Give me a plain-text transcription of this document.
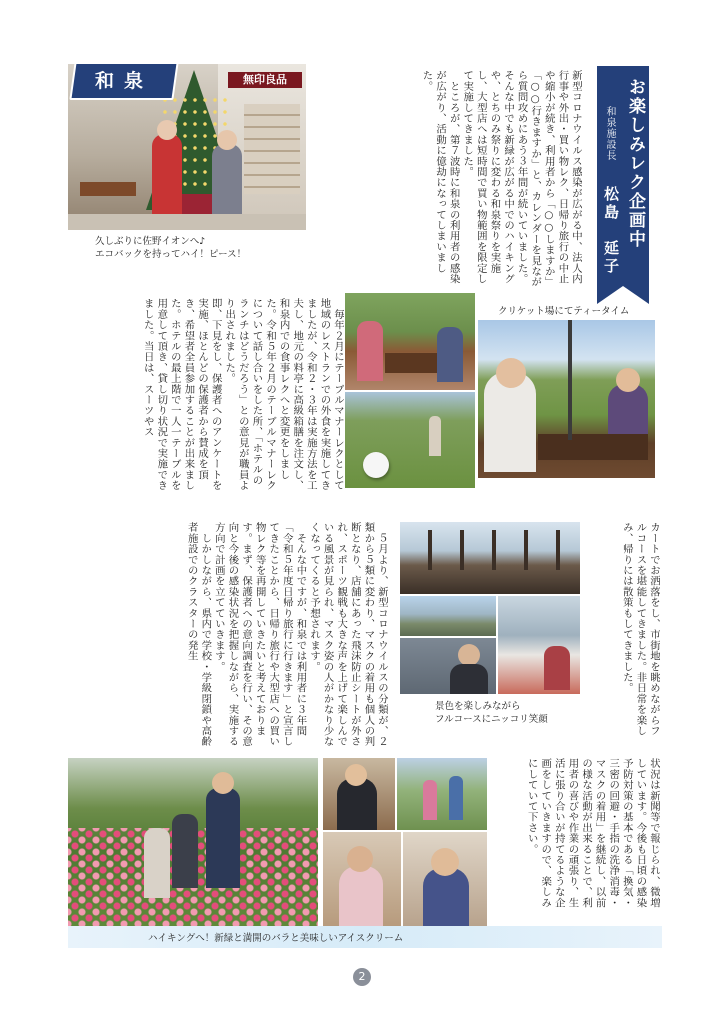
無印良品
和泉
久しぶりに佐野イオンへ♪
エコバックを持ってハイ！ピース！	新型コロナウイルス感染が広がる中、法人内行事や外出・買い物レク、日帰り旅行の中止や縮小が続き、利用者から「○○しますか」「○○行きますか」と、カレンダーを見ながら質問攻めにあう３年間が続いていました。そんな中でも新緑が広がる中でのハイキングや、とちのみ祭りに変わる和泉祭りを実施し、大型店へは短時間で買い物範囲を限定して実施してきました。
　ところが、第７波時に和泉の利用者の感染が広がり、活動に億劫になってしまいました。	お楽しみレク企画中
和泉施設長
松島　延子
　毎年２月にテーブルマナーレクとして地域のレストランでの外食を実施してきましたが、令和２・３年は実施方法を工夫し、地元の料亭に高級箱膳を注文し、和泉内での食事レクへと変更をしました。令和５年２月のテーブルマナーレクについて話し合いをした所、「ホテルのランチはどうだろう」との意見が職員より出されました。
即、下見をし、保護者へのアンケートを実施、ほとんどの保護者から賛成を頂き、希望者全員参加することが出来ました。ホテルの最上階で一人一テーブルを用意して頂き、貸し切り状況で実施できました。当日は、スーツやス	クリケット場にてティータイム
カートでお洒落をし、市街地を眺めながらフルコースを堪能してきました。非日常を楽しみ、帰りには散策もしてきました。
景色を楽しみながら
フルコースにニッコリ笑顔
　５月より、新型コロナウイルスの分類が、２類から５類に変わり、マスクの着用も個人の判断となり、店舗にあった飛沫防止シートが外され、スポーツ観戦も大きな声を上げて楽しんでいる風景が見られ、マスク姿の人がかなり少なくなってくると予想されます。
　そんな中ですが、和泉では利用者に３年間「令和５年度日帰り旅行に行きます」と宣言してきたことから、日帰り旅行や大型店への買い物レク等を再開していきたいと考えております。まず、保護者への意向調査を行い、その意向と今後の感染状況を把握しながら、実施する方向で計画を立てていきます。
　しかしながら、県内で学校・学級閉鎖や高齢者施設でのクラスターの発生
ハイキングへ！新緑と満開のバラと美味しいアイスクリーム
状況は新聞等で報じられ、微増しています。今後も日頃の感染予防対策の基本である「換気・三密の回避・手指の洗浄消毒・マスクの着用」を継続し、以前の様な活動が出来ることで、利用者の喜びや作業の頑張り、生活に張り合いが持てるような企画をしていきますので、楽しみにしていて下さい。
2
